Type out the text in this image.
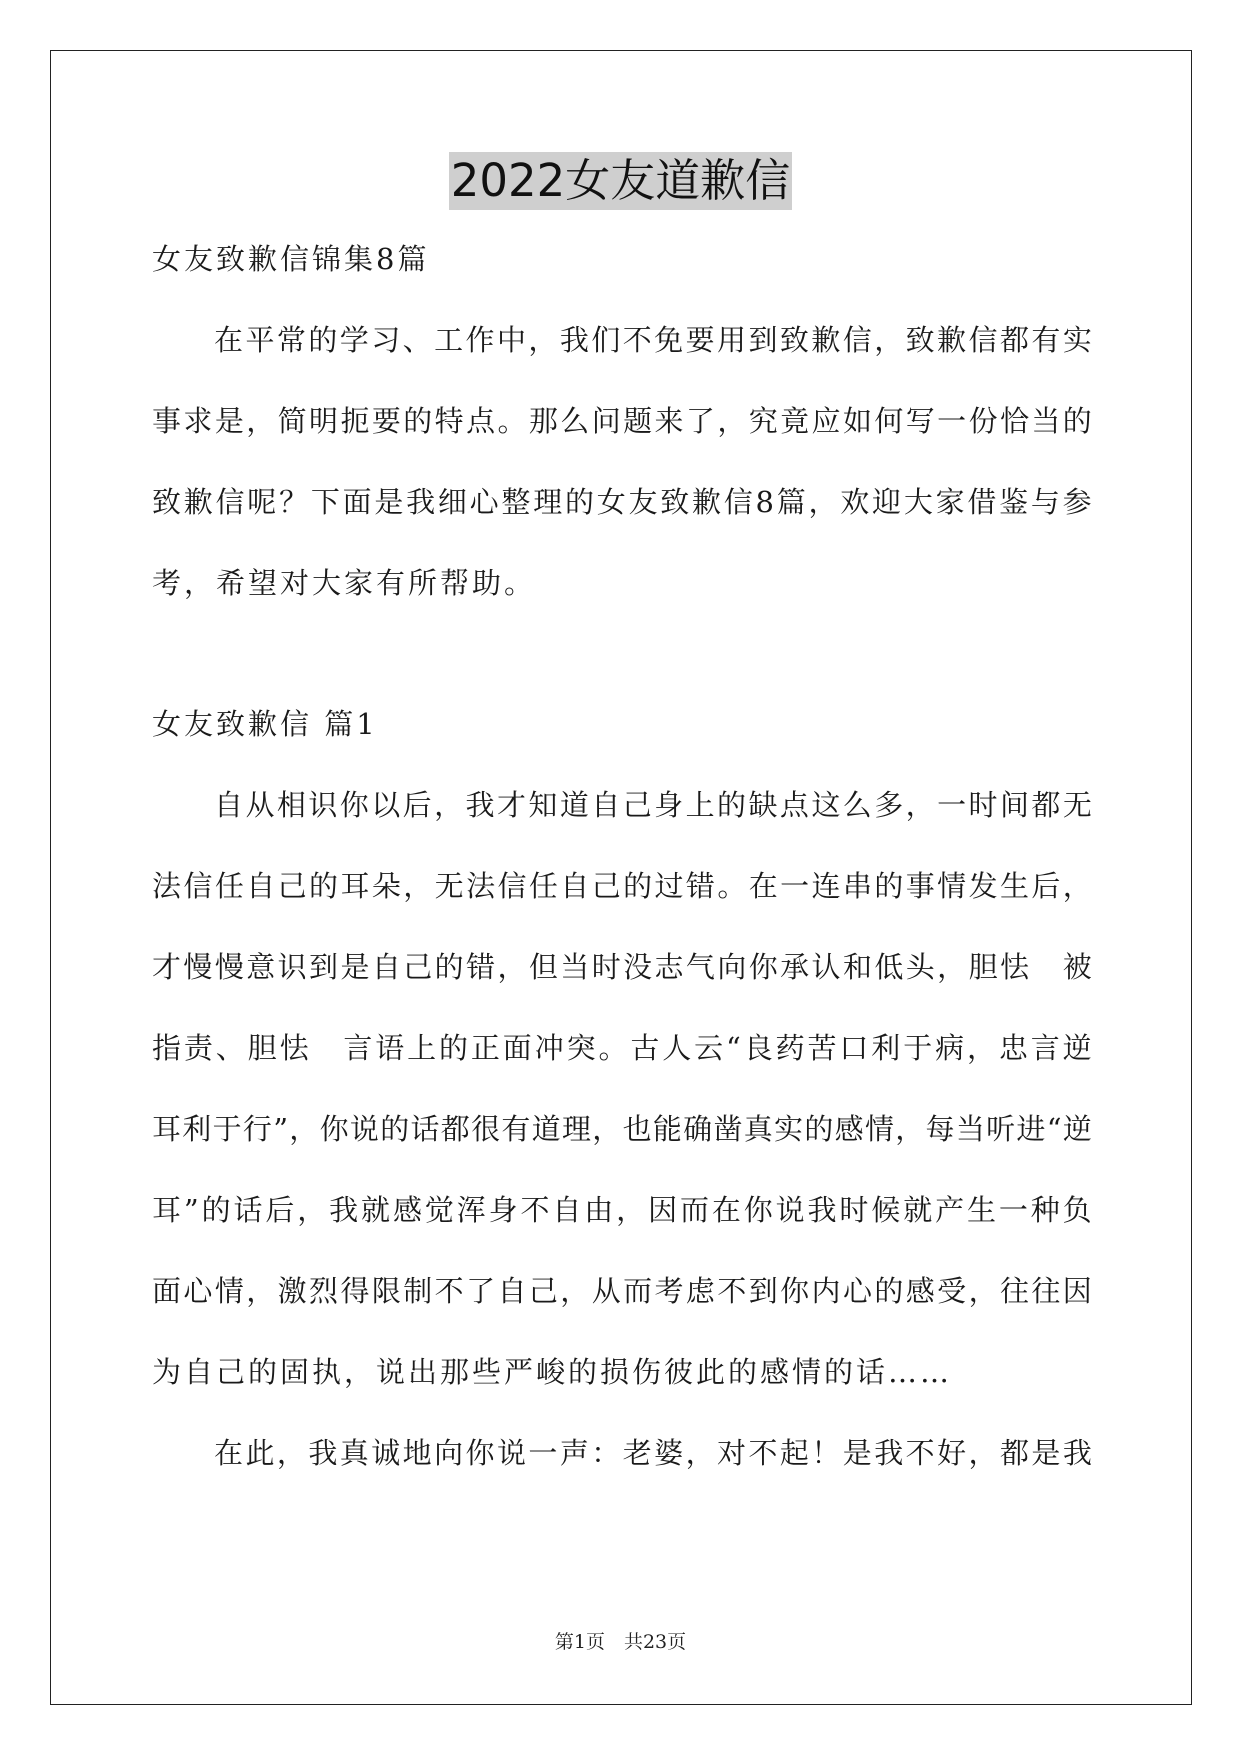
2022女友道歉信
女友致歉信锦集8篇
在 平 常 的 学 习 、 工 作 中 ， 我 们 不 免 要 用 到 致 歉 信 ， 致 歉 信 都 有 实
事 求 是 ， 简 明 扼 要 的 特 点 。 那 么 问 题 来 了 ， 究 竟 应 如 何 写 一 份 恰 当 的
致 歉 信 呢 ？ 下 面 是 我 细 心 整 理 的 女 友 致 歉 信 8 篇 ， 欢 迎 大 家 借 鉴 与 参
考，希望对大家有所帮助。
女友致歉信 篇1
自 从 相 识 你 以 后 ， 我 才 知 道 自 己 身 上 的 缺 点 这 么 多 ， 一 时 间 都 无
法 信 任 自 己 的 耳 朵 ， 无 法 信 任 自 己 的 过 错 。 在 一 连 串 的 事 情 发 生 后 ，
才 慢 慢 意 识 到 是 自 己 的 错 ， 但 当 时 没 志 气 向 你 承 认 和 低 头 ， 胆 怯
　 被
指 责 、 胆 怯
　 言 语 上 的 正 面 冲 突 。 古 人 云 “ 良 药 苦 口 利 于 病 ， 忠 言 逆
耳 利 于 行 ” ， 你 说 的 话 都 很 有 道 理 ， 也 能 确 凿 真 实 的 感 情 ， 每 当 听 进 “ 逆
耳 ” 的 话 后 ， 我 就 感 觉 浑 身 不 自 由 ， 因 而 在 你 说 我 时 候 就 产 生 一 种 负
面 心 情 ， 激 烈 得 限 制 不 了 自 己 ， 从 而 考 虑 不 到 你 内 心 的 感 受 ， 往 往 因
为自己的固执，说出那些严峻的损伤彼此的感情的话……
在 此 ， 我 真 诚 地 向 你 说 一 声 ： 老 婆 ， 对 不 起 ！ 是 我 不 好 ， 都 是 我
第1页　共23页
